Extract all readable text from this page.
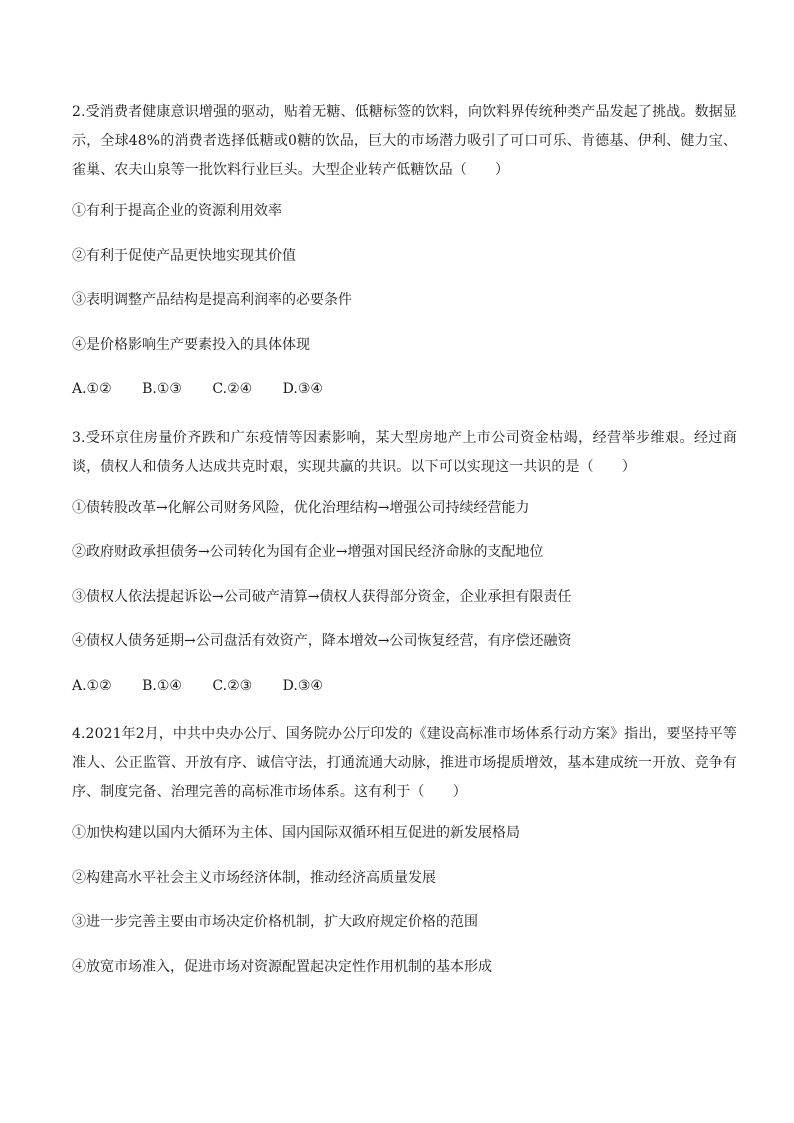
2.受消费者健康意识增强的驱动，贴着无糖、低糖标签的饮料，向饮料界传统种类产品发起了挑战。数据显示，全球48%的消费者选择低糖或0糖的饮品，巨大的市场潜力吸引了可口可乐、肯德基、伊利、健力宝、雀巢、农夫山泉等一批饮料行业巨头。大型企业转产低糖饮品（　　）

①有利于提高企业的资源利用效率

②有利于促使产品更快地实现其价值

③表明调整产品结构是提高利润率的必要条件

④是价格影响生产要素投入的具体体现

A.①② B.①③ C.②④ D.③④

3.受环京住房量价齐跌和广东疫情等因素影响，某大型房地产上市公司资金枯竭，经营举步维艰。经过商谈，债权人和债务人达成共克时艰，实现共赢的共识。以下可以实现这一共识的是（　　）

①债转股改革→化解公司财务风险，优化治理结构→增强公司持续经营能力

②政府财政承担债务→公司转化为国有企业→增强对国民经济命脉的支配地位

③债权人依法提起诉讼→公司破产清算→债权人获得部分资金，企业承担有限责任

④债权人债务延期→公司盘活有效资产，降本增效→公司恢复经营，有序偿还融资

A.①② B.①④ C.②③ D.③④

4.2021年2月，中共中央办公厅、国务院办公厅印发的《建设高标准市场体系行动方案》指出，要坚持平等准人、公正监管、开放有序、诚信守法，打通流通大动脉，推进市场提质增效，基本建成统一开放、竞争有序、制度完备、治理完善的高标准市场体系。这有利于（　　）

①加快构建以国内大循环为主体、国内国际双循环相互促进的新发展格局

②构建高水平社会主义市场经济体制，推动经济高质量发展

③进一步完善主要由市场决定价格机制，扩大政府规定价格的范围

④放宽市场准入，促进市场对资源配置起决定性作用机制的基本形成
